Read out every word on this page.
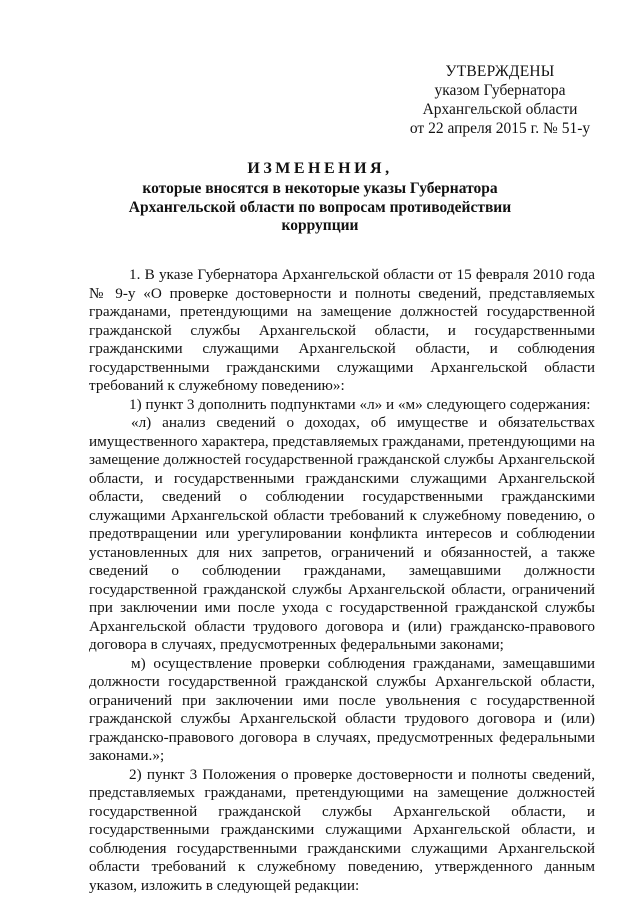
УТВЕРЖДЕНЫ
указом Губернатора
Архангельской области
от 22 апреля 2015 г. № 51-у
ИЗМЕНЕНИЯ,
которые вносятся в некоторые указы Губернатора Архангельской области по вопросам противодействии коррупции

1. В указе Губернатора Архангельской области от 15 февраля 2010 года № 9-у «О проверке достоверности и полноты сведений, представляемых гражданами, претендующими на замещение должностей государственной гражданской службы Архангельской области, и государственными гражданскими служащими Архангельской области, и соблюдения государственными гражданскими служащими Архангельской области требований к служебному поведению»:

1) пункт 3 дополнить подпунктами «л» и «м» следующего содержания:

«л) анализ сведений о доходах, об имуществе и обязательствах имущественного характера, представляемых гражданами, претендующими на замещение должностей государственной гражданской службы Архангельской области, и государственными гражданскими служащими Архангельской области, сведений о соблюдении государственными гражданскими служащими Архангельской области требований к служебному поведению, о предотвращении или урегулировании конфликта интересов и соблюдении установленных для них запретов, ограничений и обязанностей, а также сведений о соблюдении гражданами, замещавшими должности государственной гражданской службы Архангельской области, ограничений при заключении ими после ухода с государственной гражданской службы Архангельской области трудового договора и (или) гражданско-правового договора в случаях, предусмотренных федеральными законами;

м) осуществление проверки соблюдения гражданами, замещавшими должности государственной гражданской службы Архангельской области, ограничений при заключении ими после увольнения с государственной гражданской службы Архангельской области трудового договора и (или) гражданско-правового договора в случаях, предусмотренных федеральными законами.»;

2) пункт 3 Положения о проверке достоверности и полноты сведений, представляемых гражданами, претендующими на замещение должностей государственной гражданской службы Архангельской области, и государственными гражданскими служащими Архангельской области, и соблюдения государственными гражданскими служащими Архангельской области требований к служебному поведению, утвержденного данным указом, изложить в следующей редакции:
